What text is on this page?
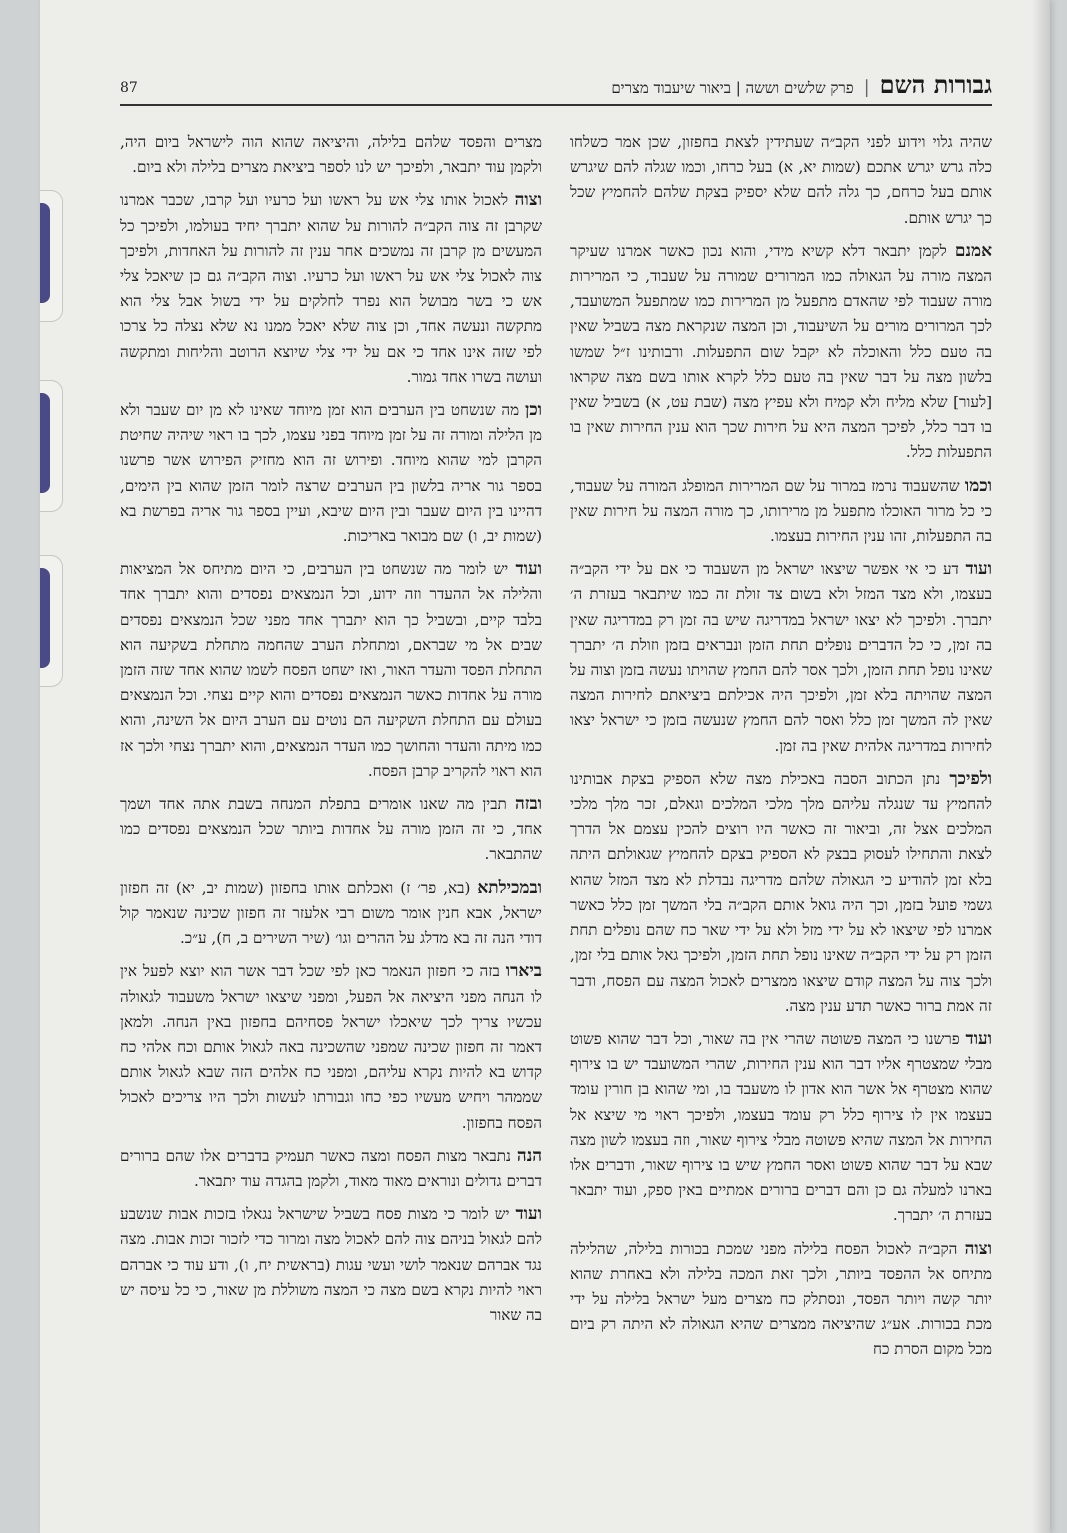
גבורות השם
|
פרק שלשים וששה | ביאור שיעבוד מצרים
87

שהיה גלוי וידוע לפני הקב״ה שעתידין לצאת בחפזון, שכן אמר כשלחו כלה גרש יגרש אתכם (שמות יא, א) בעל כרחו, וכמו שגלה להם שיגרש אותם בעל כרחם, כך גלה להם שלא יספיק בצקת שלהם להחמיץ שכל כך יגרש אותם.

אמנם לקמן יתבאר דלא קשיא מידי, והוא נכון כאשר אמרנו שעיקר המצה מורה על הגאולה כמו המרורים שמורה על שעבוד, כי המרירות מורה שעבוד לפי שהאדם מתפעל מן המרירות כמו שמתפעל המשועבד, לכך המרורים מורים על השיעבוד, וכן המצה שנקראת מצה בשביל שאין בה טעם כלל והאוכלה לא יקבל שום התפעלות. ורבותינו ז״ל שמשו בלשון מצה על דבר שאין בה טעם כלל לקרא אותו בשם מצה שקראו [לעור] שלא מליח ולא קמיח ולא עפיץ מצה (שבת עט, א) בשביל שאין בו דבר כלל, לפיכך המצה היא על חירות שכך הוא ענין החירות שאין בו התפעלות כלל.

וכמו שהשעבוד נרמז במרור על שם המרירות המופלג המורה על שעבוד, כי כל מרור האוכלו מתפעל מן מרירותו, כך מורה המצה על חירות שאין בה התפעלות, זהו ענין החירות בעצמו.

ועוד דע כי אי אפשר שיצאו ישראל מן השעבוד כי אם על ידי הקב״ה בעצמו, ולא מצד המזל ולא בשום צד זולת זה כמו שיתבאר בעזרת ה׳ יתברך. ולפיכך לא יצאו ישראל במדריגה שיש בה זמן רק במדריגה שאין בה זמן, כי כל הדברים נופלים תחת הזמן ונבראים בזמן וזולת ה׳ יתברך שאינו נופל תחת הזמן, ולכך אסר להם החמץ שהויתו נעשה בזמן וצוה על המצה שהויתה בלא זמן, ולפיכך היה אכילתם ביציאתם לחירות המצה שאין לה המשך זמן כלל ואסר להם החמץ שנעשה בזמן כי ישראל יצאו לחירות במדריגה אלהית שאין בה זמן.

ולפיכך נתן הכתוב הסבה באכילת מצה שלא הספיק בצקת אבותינו להחמיץ עד שנגלה עליהם מלך מלכי המלכים וגאלם, זכר מלך מלכי המלכים אצל זה, וביאור זה כאשר היו רוצים להכין עצמם אל הדרך לצאת והתחילו לעסוק בבצק לא הספיק בצקם להחמיץ שגאולתם היתה בלא זמן להודיע כי הגאולה שלהם מדריגה נבדלת לא מצד המזל שהוא גשמי פועל בזמן, וכך היה גואל אותם הקב״ה בלי המשך זמן כלל כאשר אמרנו לפי שיצאו לא על ידי מזל ולא על ידי שאר כח שהם נופלים תחת הזמן רק על ידי הקב״ה שאינו נופל תחת הזמן, ולפיכך גאל אותם בלי זמן, ולכך צוה על המצה קודם שיצאו ממצרים לאכול המצה עם הפסח, ודבר זה אמת ברור כאשר תדע ענין מצה.

ועוד פרשנו כי המצה פשוטה שהרי אין בה שאור, וכל דבר שהוא פשוט מבלי שמצטרף אליו דבר הוא ענין החירות, שהרי המשועבד יש בו צירוף שהוא מצטרף אל אשר הוא אדון לו משעבד בו, ומי שהוא בן חורין עומד בעצמו אין לו צירוף כלל רק עומד בעצמו, ולפיכך ראוי מי שיצא אל החירות אל המצה שהיא פשוטה מבלי צירוף שאור, וזה בעצמו לשון מצה שבא על דבר שהוא פשוט ואסר החמץ שיש בו צירוף שאור, ודברים אלו בארנו למעלה גם כן והם דברים ברורים אמתיים באין ספק, ועוד יתבאר בעזרת ה׳ יתברך.

וצוה הקב״ה לאכול הפסח בלילה מפני שמכת בכורות בלילה, שהלילה מתיחס אל ההפסד ביותר, ולכך זאת המכה בלילה ולא באחרת שהוא יותר קשה ויותר הפסד, ונסתלק כח מצרים מעל ישראל בלילה על ידי מכת בכורות. אע״ג שהיציאה ממצרים שהיא הגאולה לא היתה רק ביום מכל מקום הסרת כח

מצרים והפסד שלהם בלילה, והיציאה שהוא הוה לישראל ביום היה, ולקמן עוד יתבאר, ולפיכך יש לנו לספר ביציאת מצרים בלילה ולא ביום.

וצוה לאכול אותו צלי אש על ראשו ועל כרעיו ועל קרבו, שכבר אמרנו שקרבן זה צוה הקב״ה להורות על שהוא יתברך יחיד בעולמו, ולפיכך כל המעשים מן קרבן זה נמשכים אחר ענין זה להורות על האחדות, ולפיכך צוה לאכול צלי אש על ראשו ועל כרעיו. וצוה הקב״ה גם כן שיאכל צלי אש כי בשר מבושל הוא נפרד לחלקים על ידי בשול אבל צלי הוא מתקשה ונעשה אחד, וכן צוה שלא יאכל ממנו נא שלא נצלה כל צרכו לפי שזה אינו אחד כי אם על ידי צלי שיוצא הרוטב והליחות ומתקשה ועושה בשרו אחד גמור.

וכן מה שנשחט בין הערבים הוא זמן מיוחד שאינו לא מן יום שעבר ולא מן הלילה ומורה זה על זמן מיוחד בפני עצמו, לכך בו ראוי שיהיה שחיטת הקרבן למי שהוא מיוחד. ופירוש זה הוא מחזיק הפירוש אשר פרשנו בספר גור אריה בלשון בין הערבים שרצה לומר הזמן שהוא בין הימים, דהיינו בין היום שעבר ובין היום שיבא, ועיין בספר גור אריה בפרשת בא (שמות יב, ו) שם מבואר באריכות.

ועוד יש לומר מה שנשחט בין הערבים, כי היום מתיחס אל המציאות והלילה אל ההעדר וזה ידוע, וכל הנמצאים נפסדים והוא יתברך אחד בלבד קיים, ובשביל כך הוא יתברך אחד מפני שכל הנמצאים נפסדים שבים אל מי שבראם, ומתחלת הערב שהחמה מתחלת בשקיעה הוא התחלת הפסד והעדר האור, ואז ישחט הפסח לשמו שהוא אחד שזה הזמן מורה על אחדות כאשר הנמצאים נפסדים והוא קיים נצחי. וכל הנמצאים בעולם עם התחלת השקיעה הם נוטים עם הערב היום אל השינה, והוא כמו מיתה והעדר והחושך כמו העדר הנמצאים, והוא יתברך נצחי ולכך אז הוא ראוי להקריב קרבן הפסח.

ובזה תבין מה שאנו אומרים בתפלת המנחה בשבת אתה אחד ושמך אחד, כי זה הזמן מורה על אחדות ביותר שכל הנמצאים נפסדים כמו שהתבאר.

ובמכילתא (בא, פר׳ ז) ואכלתם אותו בחפזון (שמות יב, יא) זה חפזון ישראל, אבא חנין אומר משום רבי אלעזר זה חפזון שכינה שנאמר קול דודי הנה זה בא מדלג על ההרים וגו׳ (שיר השירים ב, ח), ע״כ.

ביארו בזה כי חפזון הנאמר כאן לפי שכל דבר אשר הוא יוצא לפעל אין לו הנחה מפני היציאה אל הפעל, ומפני שיצאו ישראל משעבוד לגאולה עכשיו צריך לכך שיאכלו ישראל פסחיהם בחפזון באין הנחה. ולמאן דאמר זה חפזון שכינה שמפני שהשכינה באה לגאול אותם וכח אלהי כח קדוש בא להיות נקרא עליהם, ומפני כח אלהים הזה שבא לגאול אותם שממהר ויחיש מעשיו כפי כחו וגבורתו לעשות ולכך היו צריכים לאכול הפסח בחפזון.

הנה נתבאר מצות הפסח ומצה כאשר תעמיק בדברים אלו שהם ברורים דברים גדולים ונוראים מאוד מאוד, ולקמן בהגדה עוד יתבאר.

ועוד יש לומר כי מצות פסח בשביל שישראל נגאלו בזכות אבות שנשבע להם לגאול בניהם צוה להם לאכול מצה ומרור כדי לזכור זכות אבות. מצה נגד אברהם שנאמר לושי ועשי עגות (בראשית יח, ו), ודע עוד כי אברהם ראוי להיות נקרא בשם מצה כי המצה משוללת מן שאור, כי כל עיסה יש בה שאור
